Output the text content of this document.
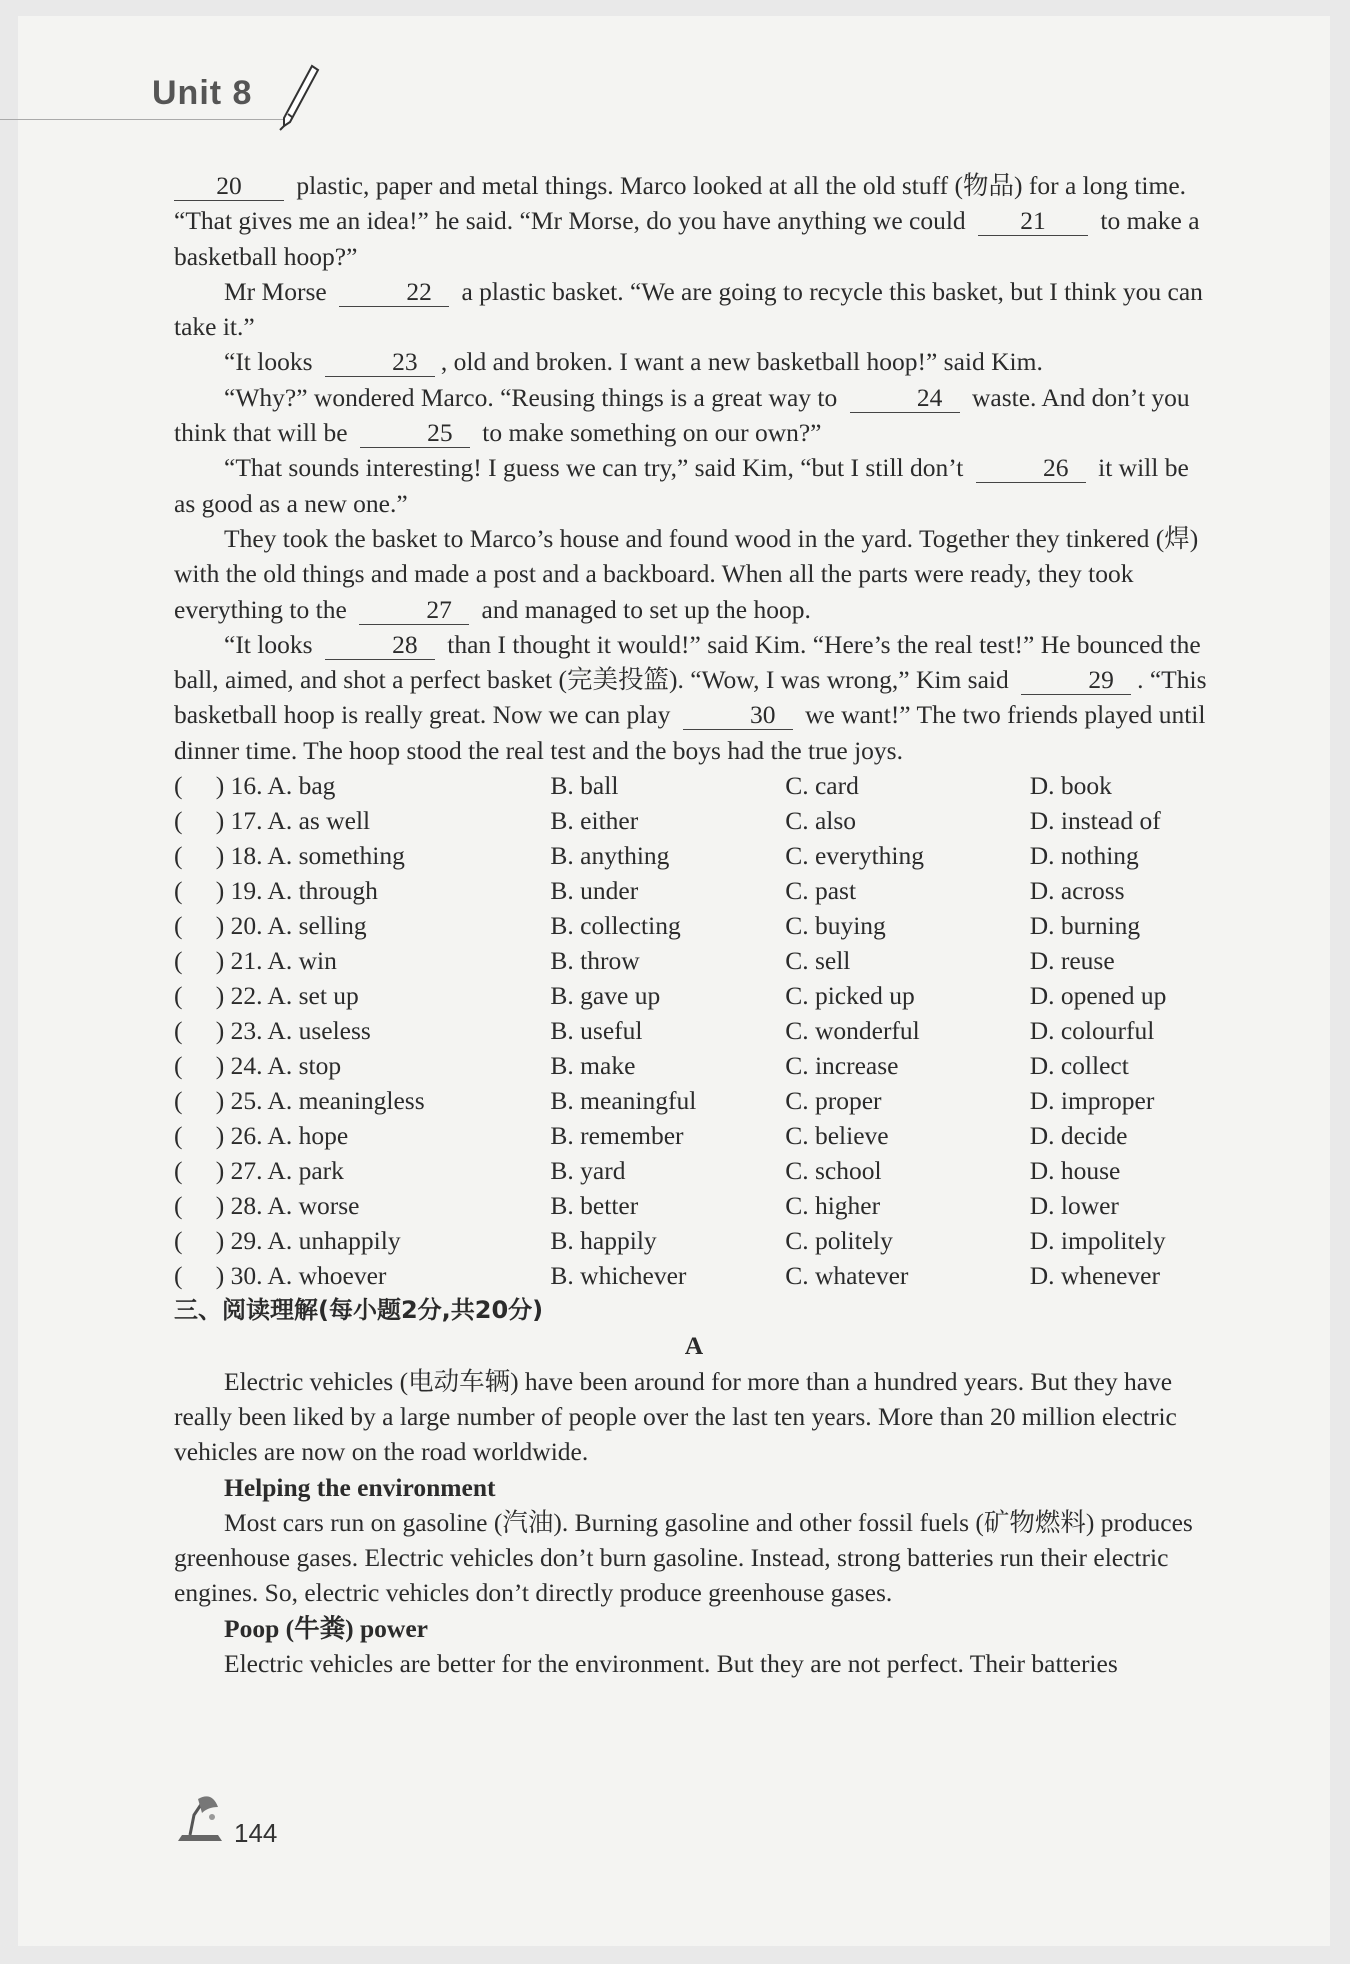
Unit 8

20 plastic, paper and metal things. Marco looked at all the old stuff (物品) for a long time. “That gives me an idea!” he said. “Mr Morse, do you have anything we could 21 to make a basketball hoop?”

Mr Morse	22 a plastic basket. “We are going to recycle this basket, but I think you can take it.”

“It looks	23 , old and broken. I want a new basketball hoop!” said Kim.

“Why?” wondered Marco. “Reusing things is a great way to	24 waste. And don’t you think that will be	25 to make something on our own?”

“That sounds interesting! I guess we can try,” said Kim, “but I still don’t	26 it will be as good as a new one.”

They took the basket to Marco’s house and found wood in the yard. Together they tinkered (焊) with the old things and made a post and a backboard. When all the parts were ready, they took everything to the	27 and managed to set up the hoop.

“It looks	28 than I thought it would!” said Kim. “Here’s the real test!” He bounced the ball, aimed, and shot a perfect basket (完美投篮). “Wow, I was wrong,” Kim said	29 . “This basketball hoop is really great. Now we can play	30 we want!” The two friends played until dinner time. The hoop stood the real test and the boys had the true joys.

(	) 16. A. bag	B. ball	C. card	D. book
(	) 17. A. as well	B. either	C. also	D. instead of
(	) 18. A. something	B. anything	C. everything	D. nothing
(	) 19. A. through	B. under	C. past	D. across
(	) 20. A. selling	B. collecting	C. buying	D. burning
(	) 21. A. win	B. throw	C. sell	D. reuse
(	) 22. A. set up	B. gave up	C. picked up	D. opened up
(	) 23. A. useless	B. useful	C. wonderful	D. colourful
(	) 24. A. stop	B. make	C. increase	D. collect
(	) 25. A. meaningless	B. meaningful	C. proper	D. improper
(	) 26. A. hope	B. remember	C. believe	D. decide
(	) 27. A. park	B. yard	C. school	D. house
(	) 28. A. worse	B. better	C. higher	D. lower
(	) 29. A. unhappily	B. happily	C. politely	D. impolitely
(	) 30. A. whoever	B. whichever	C. whatever	D. whenever

三、阅读理解(每小题2分,共20分)

A

Electric vehicles (电动车辆) have been around for more than a hundred years. But they have really been liked by a large number of people over the last ten years. More than 20 million electric vehicles are now on the road worldwide.

Helping the environment

Most cars run on gasoline (汽油). Burning gasoline and other fossil fuels (矿物燃料) produces greenhouse gases. Electric vehicles don’t burn gasoline. Instead, strong batteries run their electric engines. So, electric vehicles don’t directly produce greenhouse gases.

Poop (牛粪) power

Electric vehicles are better for the environment. But they are not perfect. Their batteries

144
